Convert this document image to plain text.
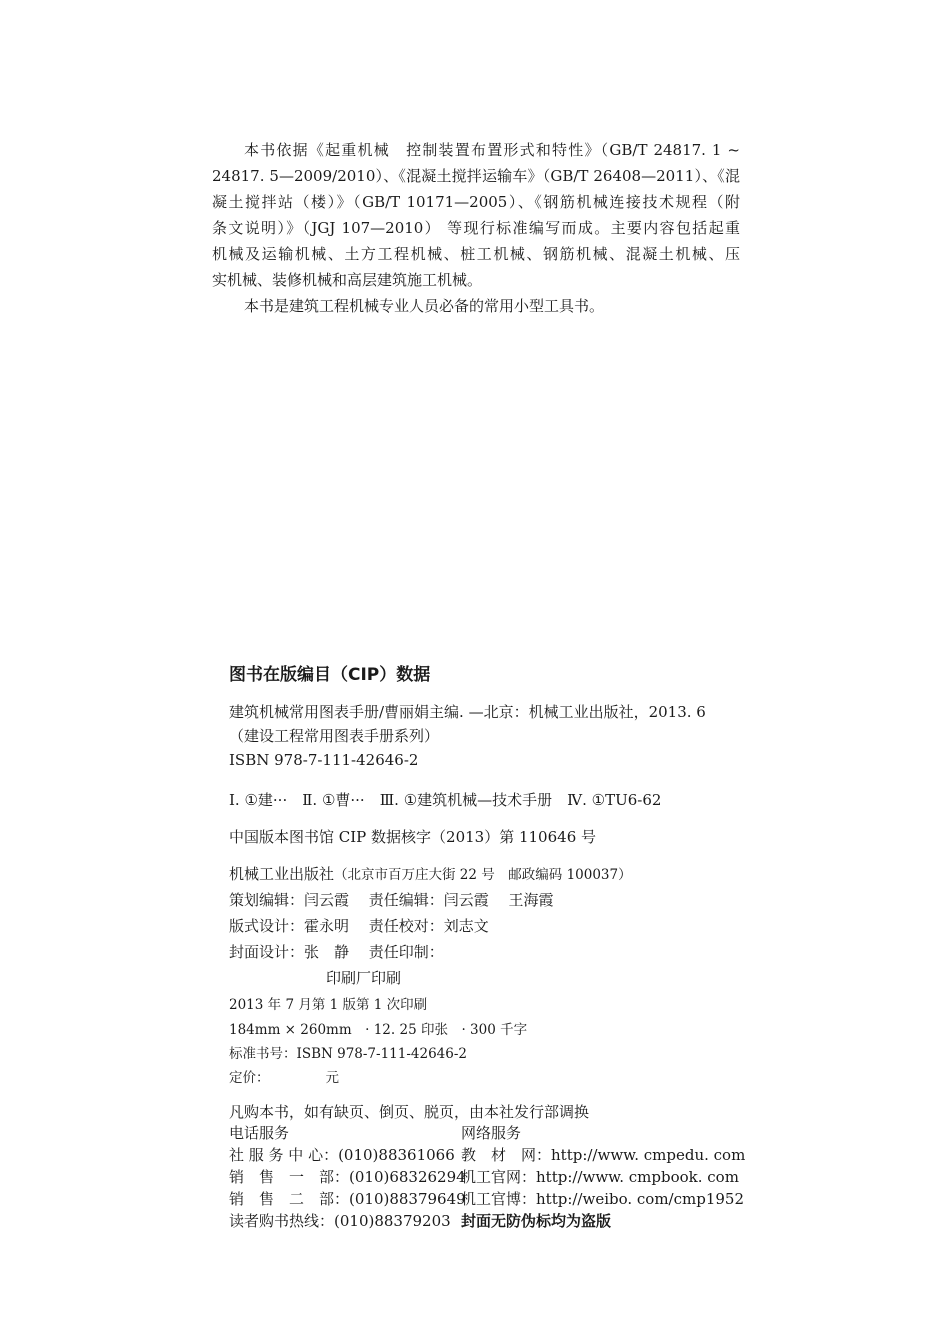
本书依据《起重机械　控制装置布置形式和特性》（GB/T 24817. 1 ~
24817. 5—2009/2010）、《混凝土搅拌运输车》（GB/T 26408—2011）、《混
凝土搅拌站（楼）》（GB/T 10171—2005）、《钢筋机械连接技术规程（附
条文说明）》（JGJ 107—2010） 等现行标准编写而成。主要内容包括起重
机械及运输机械、土方工程机械、桩工机械、钢筋机械、混凝土机械、压
实机械、装修机械和高层建筑施工机械。
本书是建筑工程机械专业人员必备的常用小型工具书。
图书在版编目（CIP）数据
建筑机械常用图表手册/曹丽娟主编. —北京：机械工业出版社，2013. 6
（建设工程常用图表手册系列）
ISBN 978-7-111-42646-2
Ⅰ. ①建···　Ⅱ. ①曹···　Ⅲ. ①建筑机械—技术手册　Ⅳ. ①TU6-62
中国版本图书馆 CIP 数据核字（2013）第 110646 号
机械工业出版社（北京市百万庄大街 22 号　邮政编码 100037）
策划编辑：闫云霞　 责任编辑：闫云霞　 王海霞
版式设计：霍永明　 责任校对：刘志文
封面设计：张　静　 责任印制：
印刷厂印刷
2013 年 7 月第 1 版第 1 次印刷
184mm × 260mm　· 12. 25 印张　· 300 千字
标准书号：ISBN 978-7-111-42646-2
定价：	元
凡购本书，如有缺页、倒页、脱页，由本社发行部调换
电话服务	网络服务
社 服 务 中 心：(010)88361066 教　材　网：http://www. cmpedu. com
销　售　一　部：(010)68326294
机工官网：http://www. cmpbook. com
销　售　二　部：(010)88379649
机工官博：http://weibo. com/cmp1952
读者购书热线：(010)88379203 封面无防伪标均为盗版
